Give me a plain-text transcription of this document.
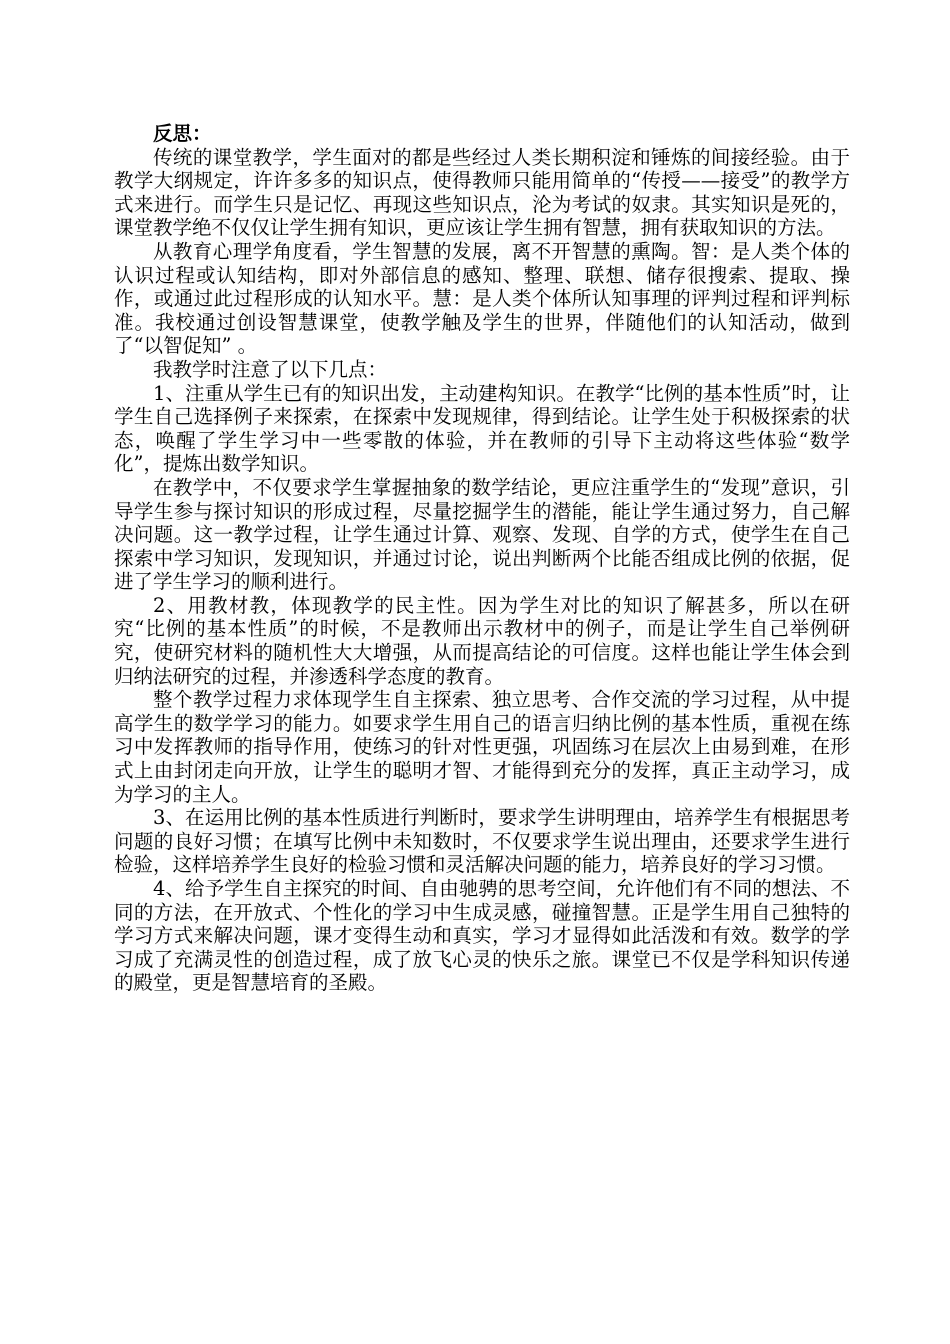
反思：

传统的课堂教学，学生面对的都是些经过人类长期积淀和锤炼的间接经验。由于教学大纲规定，许许多多的知识点，使得教师只能用简单的“传授——接受”的教学方式来进行。而学生只是记忆、再现这些知识点，沦为考试的奴隶。其实知识是死的，课堂教学绝不仅仅让学生拥有知识，更应该让学生拥有智慧，拥有获取知识的方法。

从教育心理学角度看，学生智慧的发展，离不开智慧的熏陶。智：是人类个体的认识过程或认知结构，即对外部信息的感知、整理、联想、储存很搜索、提取、操作，或通过此过程形成的认知水平。慧：是人类个体所认知事理的评判过程和评判标准。我校通过创设智慧课堂，使教学触及学生的世界，伴随他们的认知活动，做到了“以智促知” 。

我教学时注意了以下几点：

1、注重从学生已有的知识出发，主动建构知识。在教学“比例的基本性质”时，让学生自己选择例子来探索，在探索中发现规律，得到结论。让学生处于积极探索的状态，唤醒了学生学习中一些零散的体验，并在教师的引导下主动将这些体验“数学化”，提炼出数学知识。

在教学中，不仅要求学生掌握抽象的数学结论，更应注重学生的“发现”意识，引导学生参与探讨知识的形成过程，尽量挖掘学生的潜能，能让学生通过努力，自己解决问题。这一教学过程，让学生通过计算、观察、发现、自学的方式，使学生在自己探索中学习知识，发现知识，并通过讨论，说出判断两个比能否组成比例的依据，促进了学生学习的顺利进行。

2、用教材教，体现教学的民主性。因为学生对比的知识了解甚多，所以在研究“比例的基本性质”的时候，不是教师出示教材中的例子，而是让学生自己举例研究，使研究材料的随机性大大增强，从而提高结论的可信度。这样也能让学生体会到归纳法研究的过程，并渗透科学态度的教育。

整个教学过程力求体现学生自主探索、独立思考、合作交流的学习过程，从中提高学生的数学学习的能力。如要求学生用自己的语言归纳比例的基本性质，重视在练习中发挥教师的指导作用，使练习的针对性更强，巩固练习在层次上由易到难，在形式上由封闭走向开放，让学生的聪明才智、才能得到充分的发挥，真正主动学习，成为学习的主人。

3、在运用比例的基本性质进行判断时，要求学生讲明理由，培养学生有根据思考问题的良好习惯；在填写比例中未知数时，不仅要求学生说出理由，还要求学生进行检验，这样培养学生良好的检验习惯和灵活解决问题的能力，培养良好的学习习惯。

4、给予学生自主探究的时间、自由驰骋的思考空间，允许他们有不同的想法、不同的方法，在开放式、个性化的学习中生成灵感，碰撞智慧。正是学生用自己独特的学习方式来解决问题，课才变得生动和真实，学习才显得如此活泼和有效。数学的学习成了充满灵性的创造过程，成了放飞心灵的快乐之旅。课堂已不仅是学科知识传递的殿堂，更是智慧培育的圣殿。
